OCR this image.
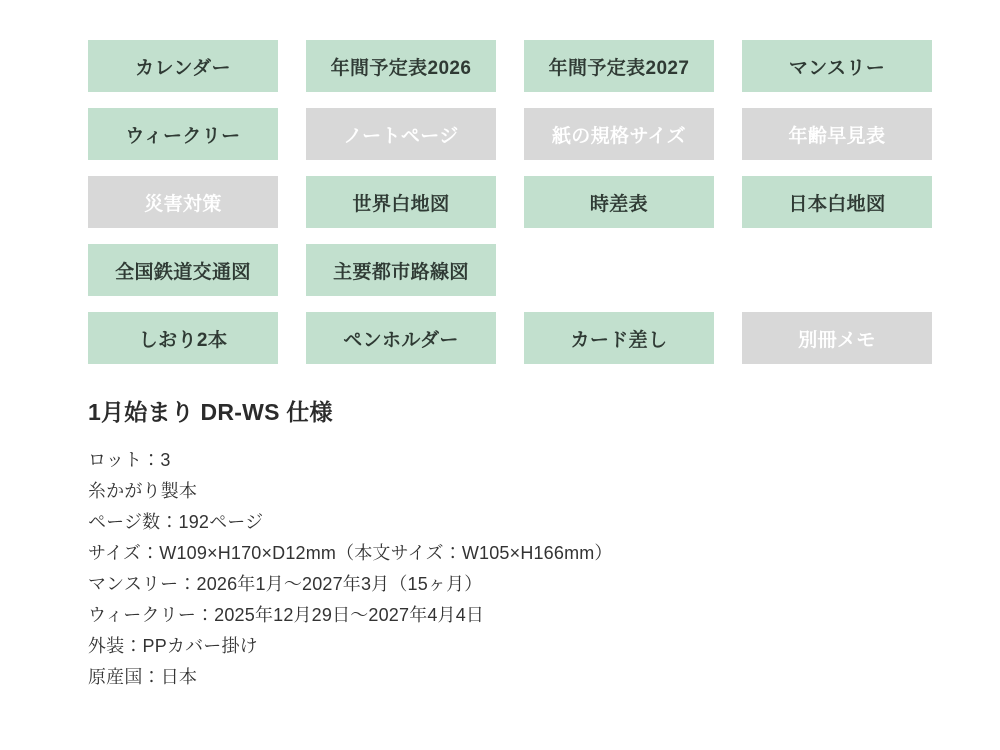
カレンダー	年間予定表2026	年間予定表2027	マンスリー
ウィークリー	ノートページ	紙の規格サイズ	年齢早見表
災害対策	世界白地図	時差表	日本白地図
全国鉄道交通図	主要都市路線図
しおり2本	ペンホルダー	カード差し	別冊メモ
1月始まり DR-WS 仕様
ロット：3
糸かがり製本
ページ数：192ページ
サイズ：W109×H170×D12mm（本文サイズ：W105×H166mm）
マンスリー：2026年1月〜2027年3月（15ヶ月）
ウィークリー：2025年12月29日〜2027年4月4日
外装：PPカバー掛け
原産国：日本
